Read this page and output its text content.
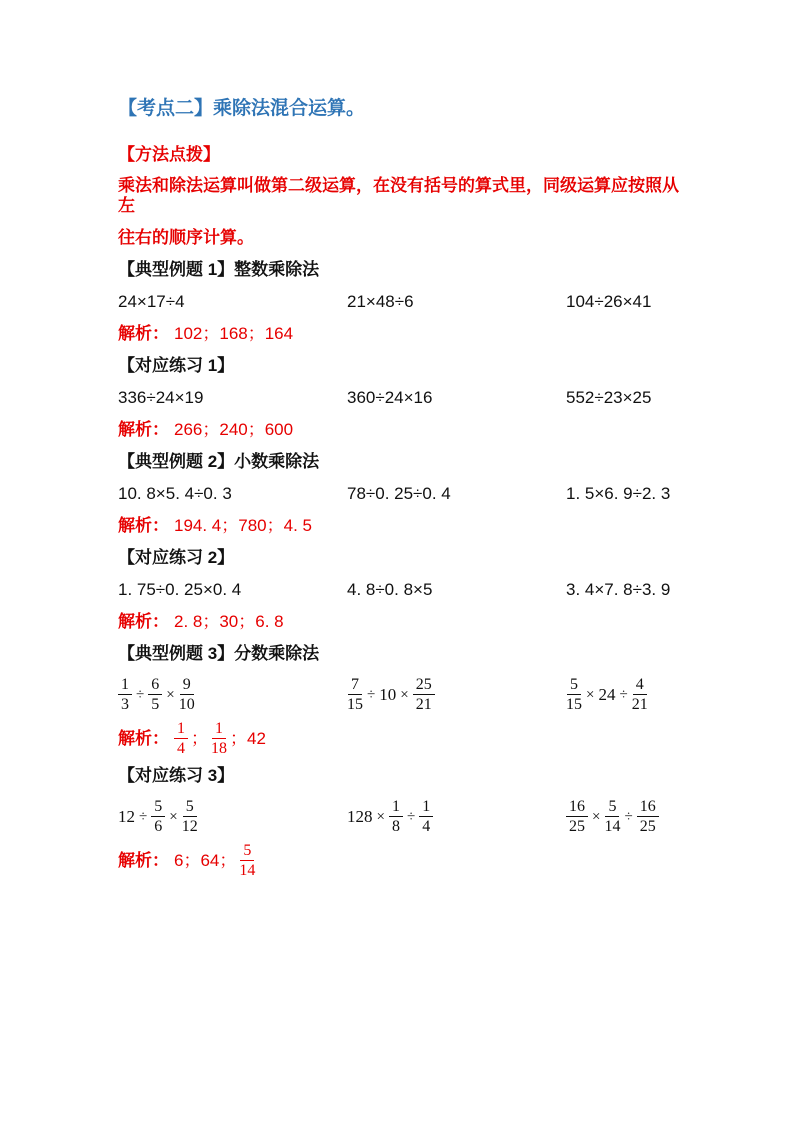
【考点二】乘除法混合运算。
【方法点拨】

乘法和除法运算叫做第二级运算，在没有括号的算式里，同级运算应按照从左

往右的顺序计算。

【典型例题 1】整数乘除法
24×17÷4	21×48÷6	104÷26×41
解析： 102；168；164
【对应练习 1】
336÷24×19	360÷24×16	552÷23×25
解析： 266；240；600
【典型例题 2】小数乘除法
10. 8×5. 4÷0. 3	78÷0. 25÷0. 4	1. 5×6. 9÷2. 3
解析： 194. 4；780；4. 5
【对应练习 2】
1. 75÷0. 25×0. 4	4. 8÷0. 8×5	3. 4×7. 8÷3. 9
解析： 2. 8；30；6. 8
【典型例题 3】分数乘除法
$\frac{1}{3} \div \frac{6}{5} \times \frac{9}{10}$	$\frac{7}{15} \div 10 \times \frac{25}{21}$	$\frac{5}{15} \times 24 \div \frac{4}{21}$
解析： $\frac{1}{4}$ ； $\frac{1}{18}$ ；42
【对应练习 3】
$12 \div \frac{5}{6} \times \frac{5}{12}$	$128 \times \frac{1}{8} \div \frac{1}{4}$	$\frac{16}{25} \times \frac{5}{14} \div \frac{16}{25}$
解析： 6；64； $\frac{5}{14}$
